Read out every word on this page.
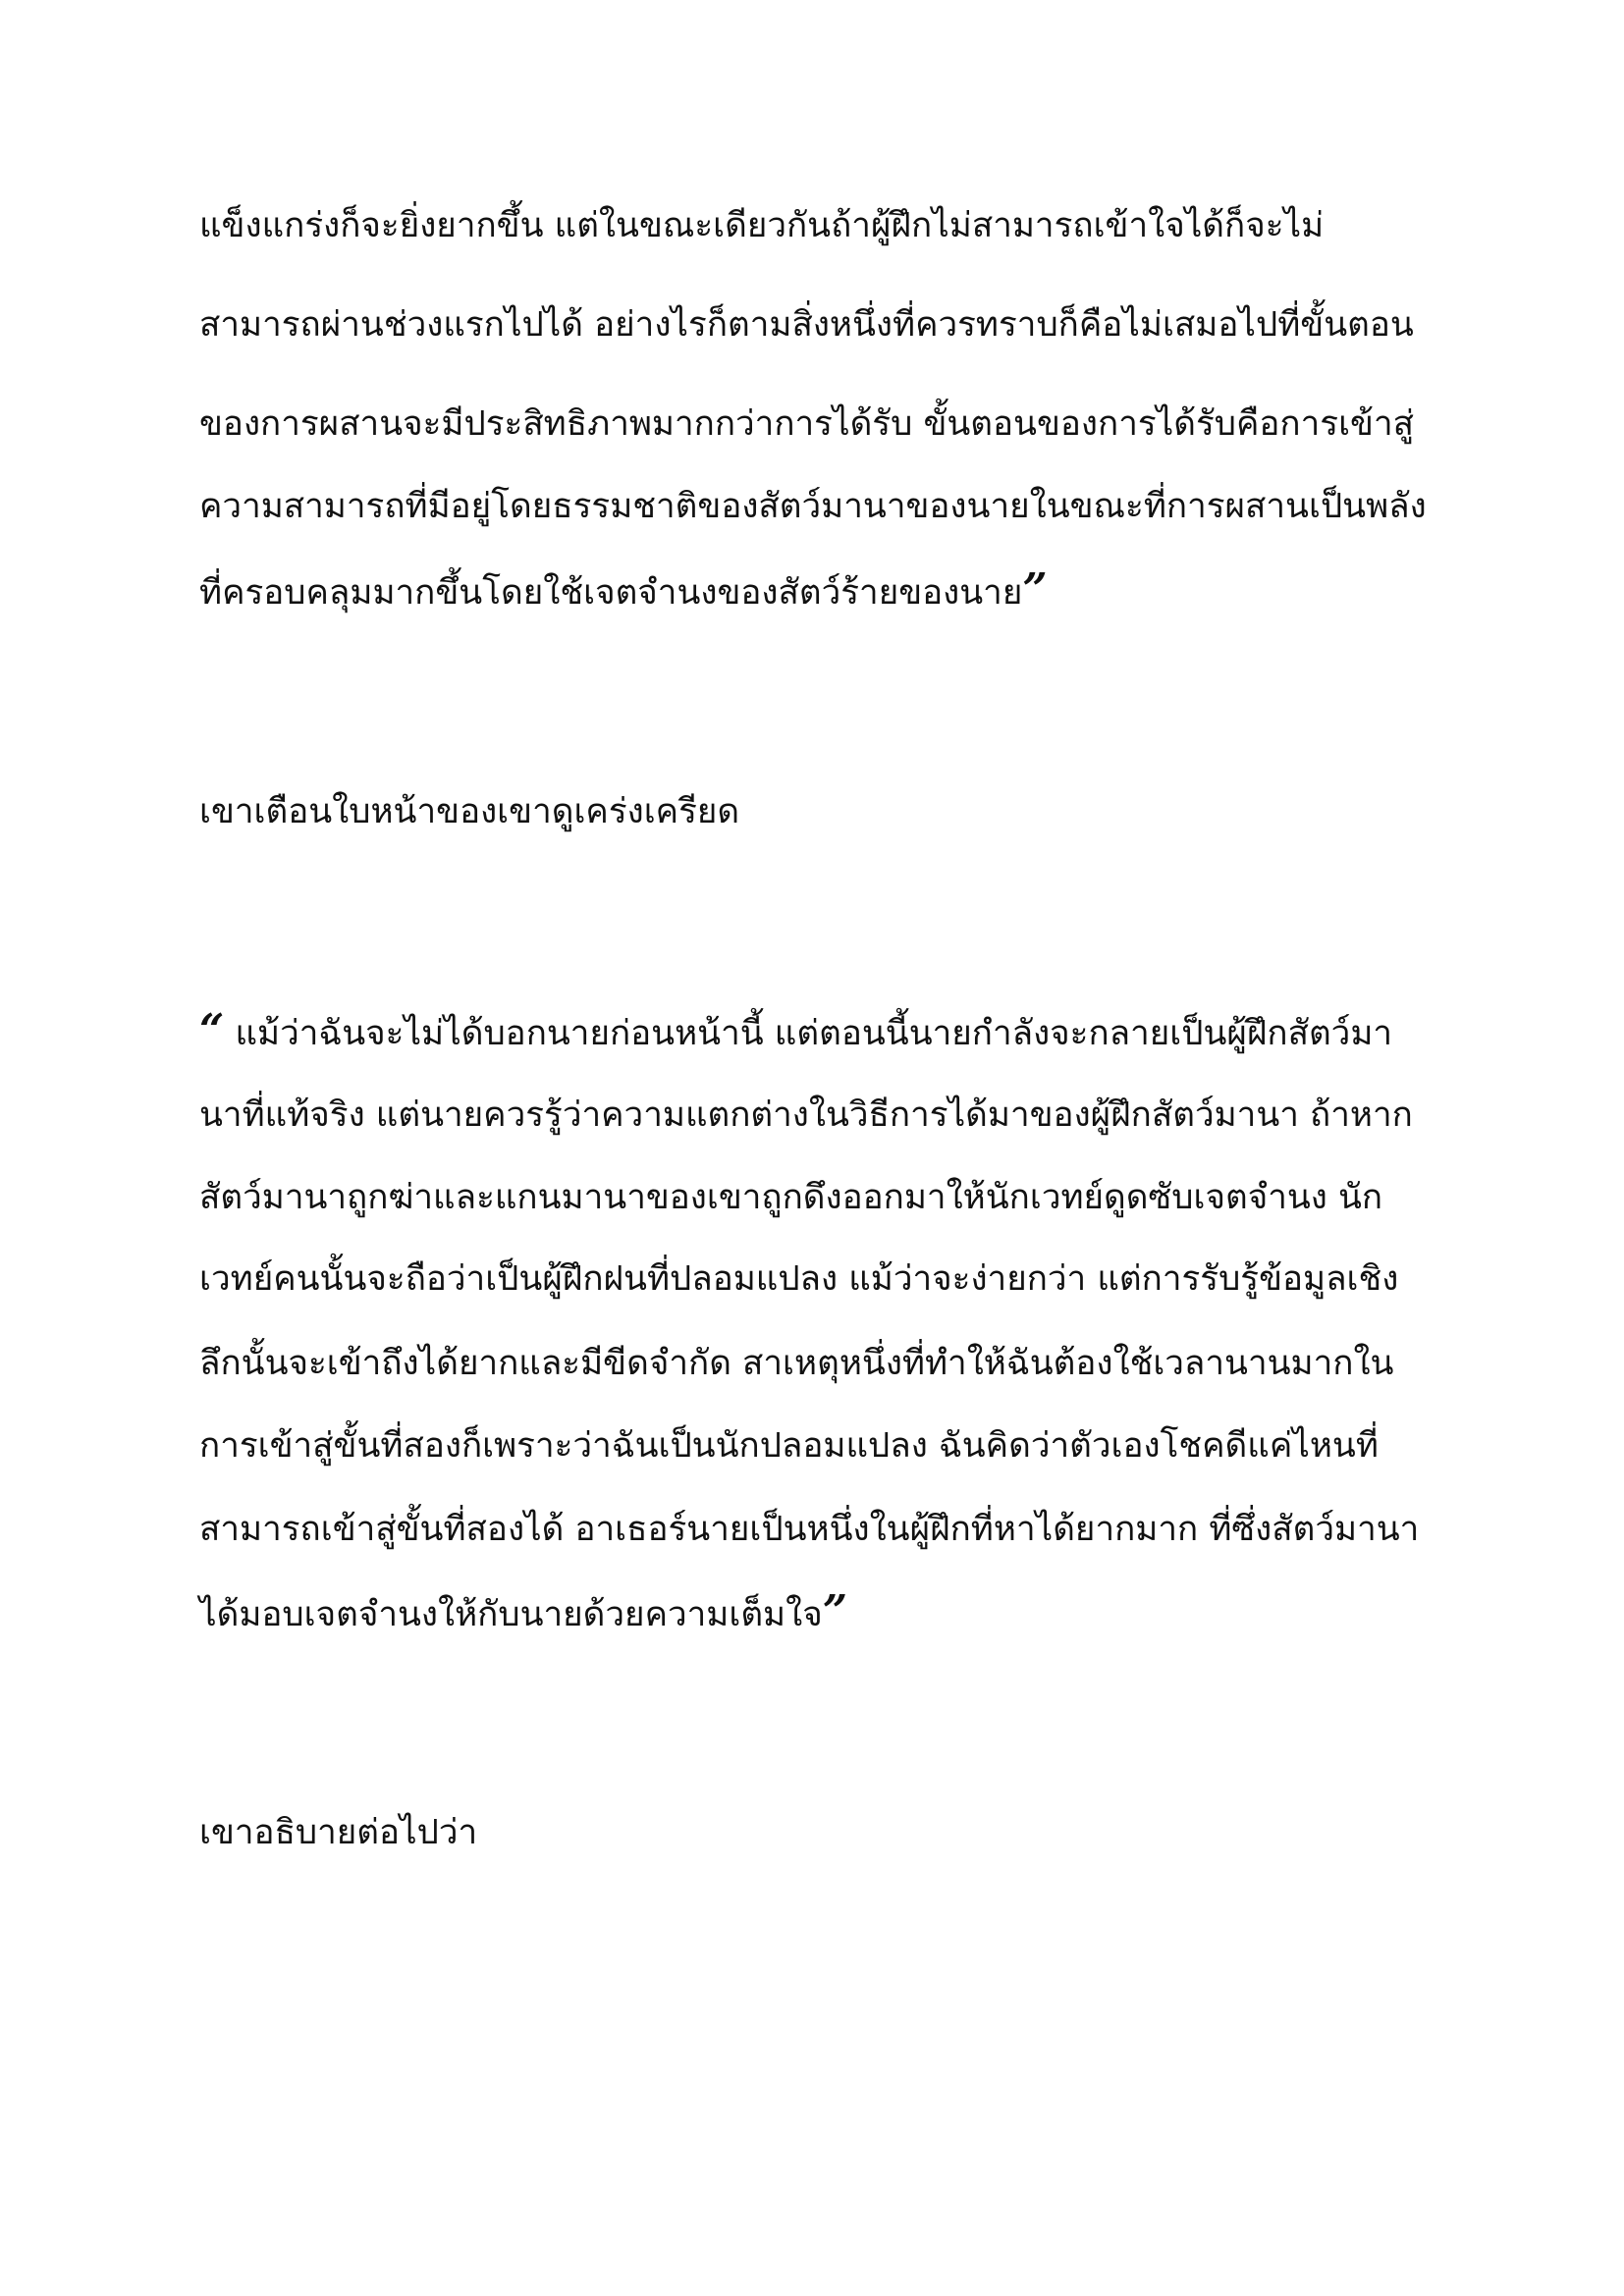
แข็งแกร่งก็จะยิ่งยากขึ้น แต่ในขณะเดียวกันถ้าผู้ฝึกไม่สามารถเข้าใจได้ก็จะไม่
สามารถผ่านช่วงแรกไปได้ อย่างไรก็ตามสิ่งหนึ่งที่ควรทราบก็คือไม่เสมอไปที่ขั้นตอน
ของการผสานจะมีประสิทธิภาพมากกว่าการได้รับ ขั้นตอนของการได้รับคือการเข้าสู่
ความสามารถที่มีอยู่โดยธรรมชาติของสัตว์มานาของนายในขณะที่การผสานเป็นพลัง
ที่ครอบคลุมมากขึ้นโดยใช้เจตจำนงของสัตว์ร้ายของนาย”
เขาเตือนใบหน้าของเขาดูเคร่งเครียด
“ แม้ว่าฉันจะไม่ได้บอกนายก่อนหน้านี้ แต่ตอนนี้นายกำลังจะกลายเป็นผู้ฝึกสัตว์มา
นาที่แท้จริง แต่นายควรรู้ว่าความแตกต่างในวิธีการได้มาของผู้ฝึกสัตว์มานา ถ้าหาก
สัตว์มานาถูกฆ่าและแกนมานาของเขาถูกดึงออกมาให้นักเวทย์ดูดซับเจตจำนง นัก
เวทย์คนนั้นจะถือว่าเป็นผู้ฝึกฝนที่ปลอมแปลง แม้ว่าจะง่ายกว่า แต่การรับรู้ข้อมูลเชิง
ลึกนั้นจะเข้าถึงได้ยากและมีขีดจำกัด สาเหตุหนึ่งที่ทำให้ฉันต้องใช้เวลานานมากใน
การเข้าสู่ขั้นที่สองก็เพราะว่าฉันเป็นนักปลอมแปลง ฉันคิดว่าตัวเองโชคดีแค่ไหนที่
สามารถเข้าสู่ขั้นที่สองได้ อาเธอร์นายเป็นหนึ่งในผู้ฝึกที่หาได้ยากมาก ที่ซึ่งสัตว์มานา
ได้มอบเจตจำนงให้กับนายด้วยความเต็มใจ”
เขาอธิบายต่อไปว่า
